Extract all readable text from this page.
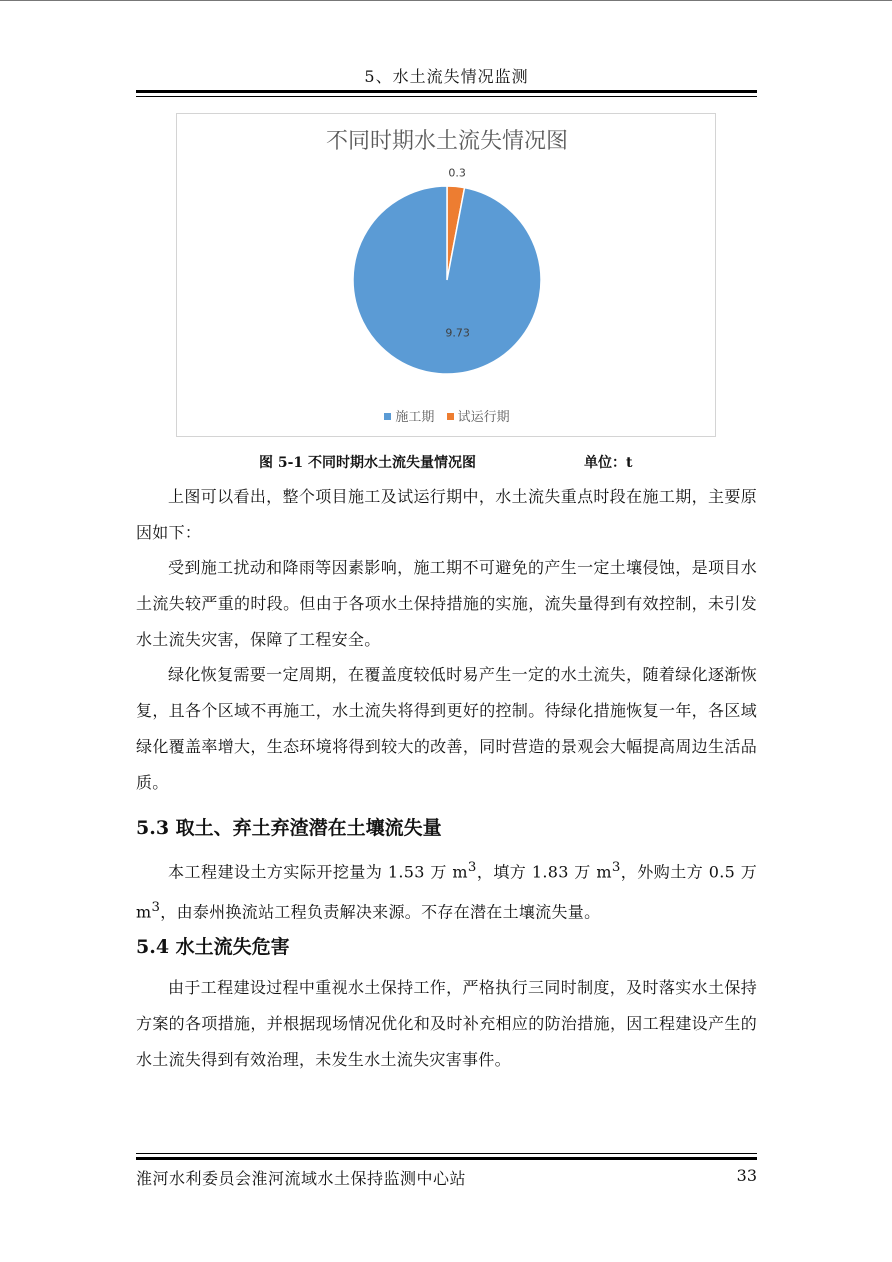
5、水土流失情况监测
不同时期水土流失情况图
9.73
0.3
施工期 试运行期
图 5-1 不同时期水土流失量情况图	单位：t

上图可以看出，整个项目施工及试运行期中，水土流失重点时段在施工期，主要原因如下：

受到施工扰动和降雨等因素影响，施工期不可避免的产生一定土壤侵蚀，是项目水土流失较严重的时段。但由于各项水土保持措施的实施，流失量得到有效控制，未引发水土流失灾害，保障了工程安全。

绿化恢复需要一定周期，在覆盖度较低时易产生一定的水土流失，随着绿化逐渐恢复，且各个区域不再施工，水土流失将得到更好的控制。待绿化措施恢复一年，各区域绿化覆盖率增大，生态环境将得到较大的改善，同时营造的景观会大幅提高周边生活品质。

5.3 取土、弃土弃渣潜在土壤流失量

本工程建设土方实际开挖量为 1.53 万 $m^3$，填方 1.83 万 $m^3$，外购土方 0.5 万 $m^3$，由泰州换流站工程负责解决来源。不存在潜在土壤流失量。

5.4 水土流失危害

由于工程建设过程中重视水土保持工作，严格执行三同时制度，及时落实水土保持方案的各项措施，并根据现场情况优化和及时补充相应的防治措施，因工程建设产生的水土流失得到有效治理，未发生水土流失灾害事件。

淮河水利委员会淮河流域水土保持监测中心站	33
